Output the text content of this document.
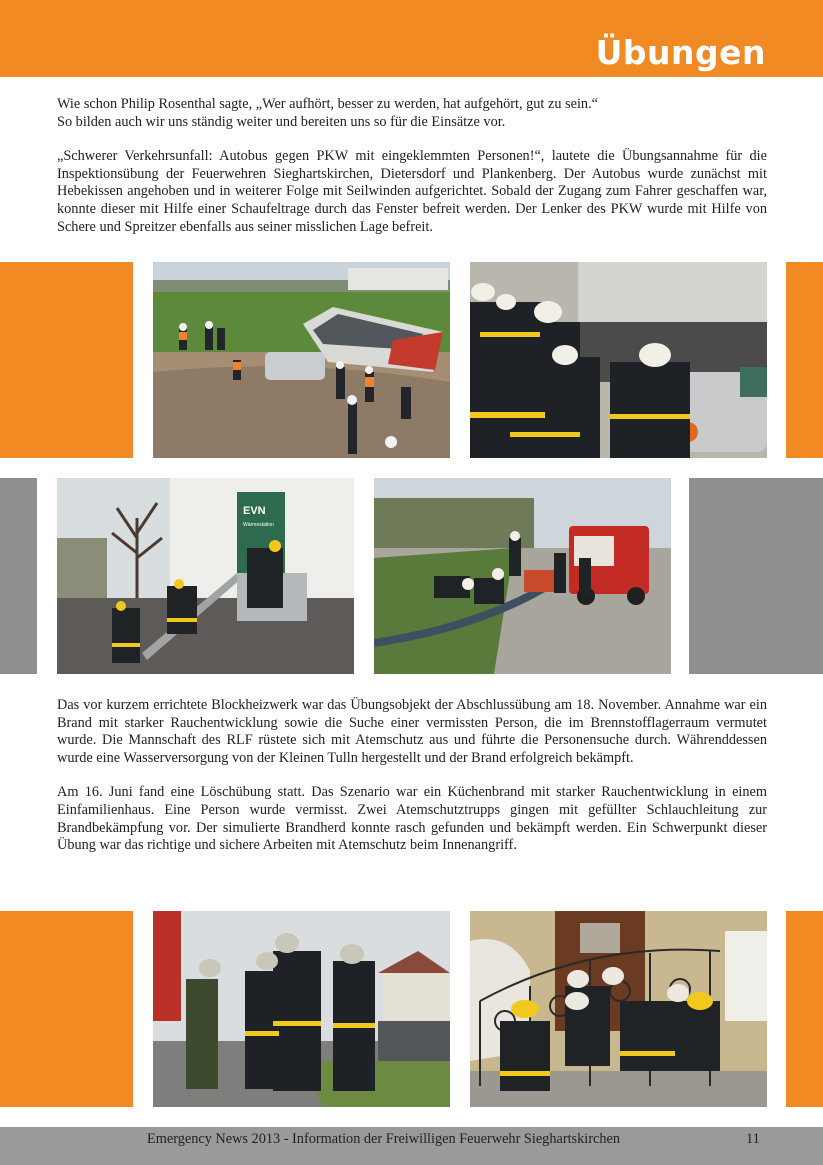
Übungen

Wie schon Philip Rosenthal sagte, „Wer aufhört, besser zu werden, hat aufgehört, gut zu sein.“
So bilden auch wir uns ständig weiter und bereiten uns so für die Einsätze vor.

„Schwerer Verkehrsunfall: Autobus gegen PKW mit eingeklemmten Personen!“, lautete die Übungsannahme für die Inspektionsübung der Feuerwehren Sieghartskirchen, Dietersdorf und Plankenberg. Der Autobus wurde zunächst mit Hebekissen angehoben und in weiterer Folge mit Seilwinden aufgerichtet. Sobald der Zugang zum Fahrer geschaffen war, konnte dieser mit Hilfe einer Schaufeltrage durch das Fenster befreit werden. Der Lenker des PKW wurde mit Hilfe von Schere und Spreitzer ebenfalls aus seiner misslichen Lage befreit.

EVN
Wärmestation

Das vor kurzem errichtete Blockheizwerk war das Übungsobjekt der Abschlussübung am 18. November. Annahme war ein Brand mit starker Rauchentwicklung sowie die Suche einer vermissten Person, die im Brennstofflagerraum vermutet wurde. Die Mannschaft des RLF rüstete sich mit Atemschutz aus und führte die Personensuche durch. Währenddessen wurde eine Wasserversorgung von der Kleinen Tulln hergestellt und der Brand erfolgreich bekämpft.

Am 16. Juni fand eine Löschübung statt. Das Szenario war ein Küchenbrand mit starker Rauchentwicklung in einem Einfamilienhaus. Eine Person wurde vermisst. Zwei Atemschutztrupps gingen mit gefüllter Schlauchleitung zur Brandbekämpfung vor. Der simulierte Brandherd konnte rasch gefunden und bekämpft werden. Ein Schwerpunkt dieser Übung war das richtige und sichere Arbeiten mit Atemschutz beim Innenangriff.

Emergency News 2013 - Information der Freiwilligen Feuerwehr Sieghartskirchen	11
